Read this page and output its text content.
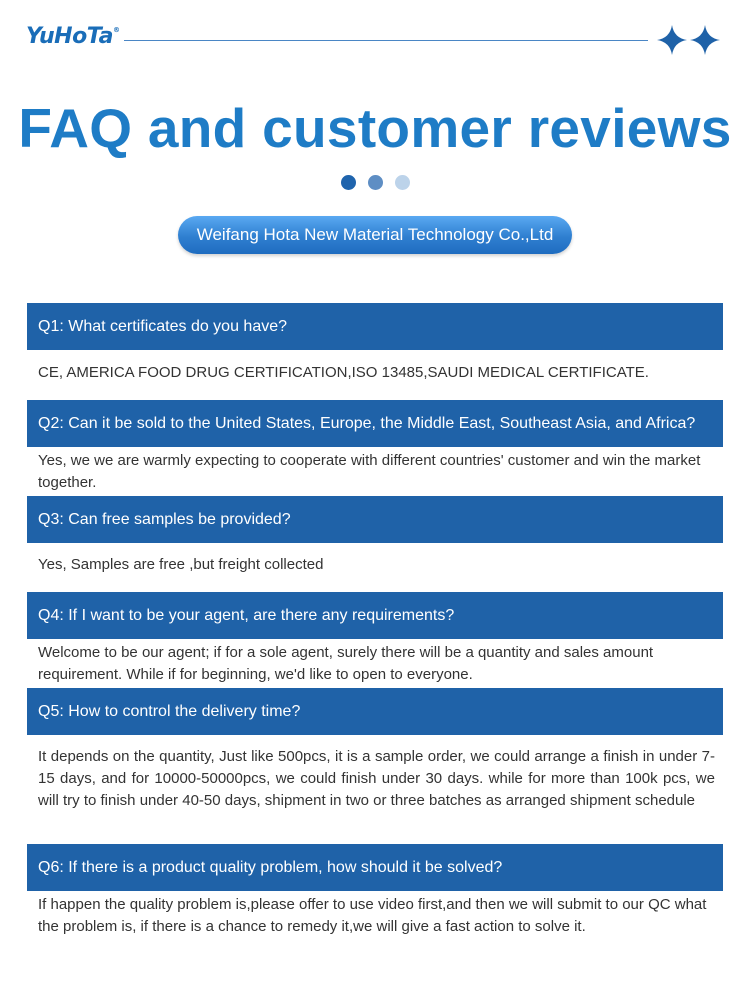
YuHoTa®
FAQ and customer reviews
Weifang Hota New Material Technology Co.,Ltd
Q1: What certificates do you have?
CE, AMERICA FOOD DRUG CERTIFICATION,ISO 13485,SAUDI MEDICAL CERTIFICATE.
Q2: Can it be sold to the United States, Europe, the Middle East, Southeast Asia, and Africa?
Yes, we we are warmly expecting to cooperate with different countries' customer and win the market together.
Q3: Can free samples be provided?
Yes, Samples are free ,but freight collected
Q4: If I want to be your agent, are there any requirements?
Welcome to be our agent; if for a sole agent, surely there will be a quantity and sales amount requirement. While if for beginning, we'd like to open to everyone.
Q5: How to control the delivery time?
It depends on the quantity, Just like 500pcs, it is a sample order, we could arrange a finish in under 7-15 days, and for 10000-50000pcs, we could finish under 30 days. while for more than 100k pcs, we will try to finish under 40-50 days, shipment in two or three batches as arranged shipment schedule
Q6: If there is a product quality problem, how should it be solved?
If happen the quality problem is,please offer to use video first,and then we will submit to our QC what the problem is, if there is a chance to remedy it,we will give a fast action to solve it.
